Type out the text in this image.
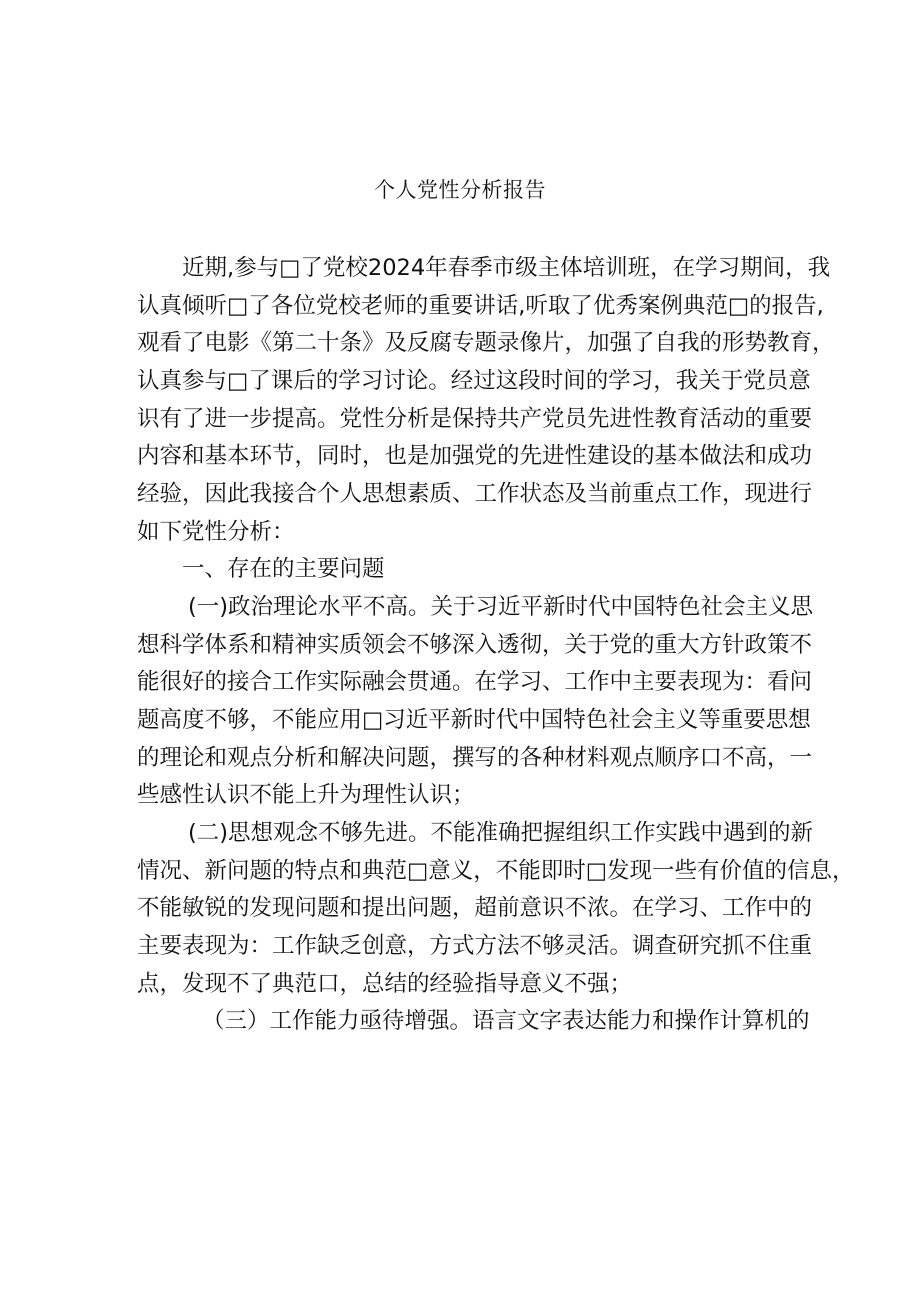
个人党性分析报告

近期,参与□了党校2024年春季市级主体培训班，在学习期间，我

认真倾听□了各位党校老师的重要讲话,听取了优秀案例典范□的报告,

观看了电影《第二十条》及反腐专题录像片，加强了自我的形势教育，

认真参与□了课后的学习讨论。经过这段时间的学习，我关于党员意

识有了进一步提高。党性分析是保持共产党员先进性教育活动的重要

内容和基本环节，同时，也是加强党的先进性建设的基本做法和成功

经验，因此我接合个人思想素质、工作状态及当前重点工作，现进行

如下党性分析：

一、存在的主要问题

(一)政治理论水平不高。关于习近平新时代中国特色社会主义思

想科学体系和精神实质领会不够深入透彻，关于党的重大方针政策不

能很好的接合工作实际融会贯通。在学习、工作中主要表现为：看问

题高度不够，不能应用□习近平新时代中国特色社会主义等重要思想

的理论和观点分析和解决问题，撰写的各种材料观点顺序口不高，一

些感性认识不能上升为理性认识；

(二)思想观念不够先进。不能准确把握组织工作实践中遇到的新

情况、新问题的特点和典范□意义，不能即时□发现一些有价值的信息，

不能敏锐的发现问题和提出问题，超前意识不浓。在学习、工作中的

主要表现为：工作缺乏创意，方式方法不够灵活。调查研究抓不住重

点，发现不了典范口，总结的经验指导意义不强；

（三）工作能力亟待增强。语言文字表达能力和操作计算机的
